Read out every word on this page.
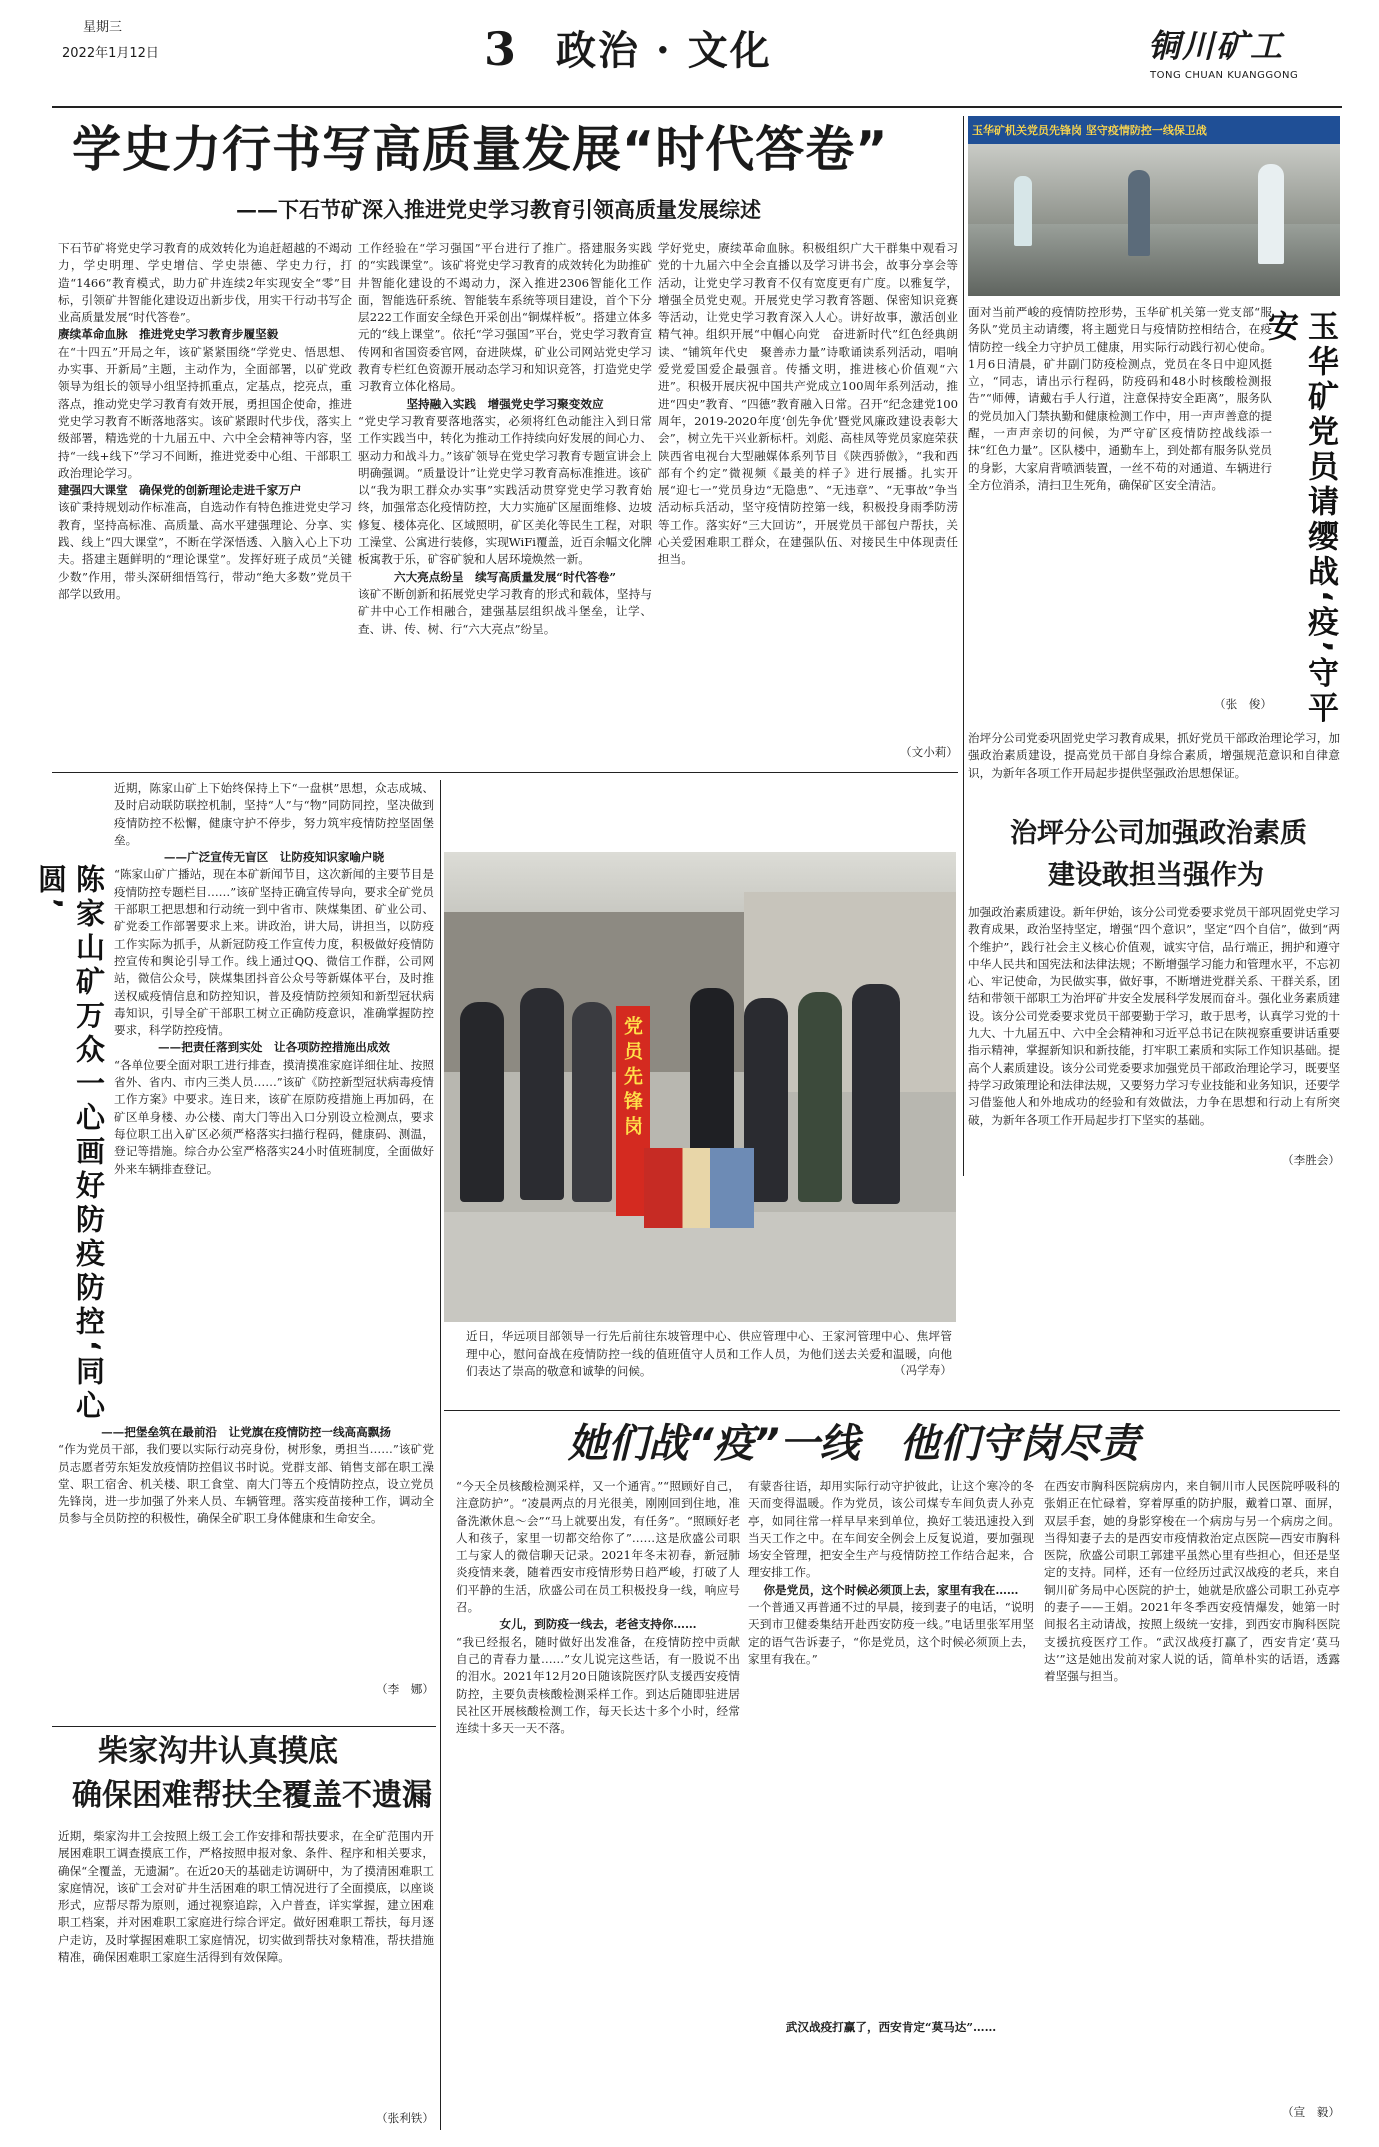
星期三
2022年1月12日	3 政治 · 文化	铜川矿工
TONG CHUAN KUANGGONG
学史力行书写高质量发展“时代答卷”
——下石节矿深入推进党史学习教育引领高质量发展综述
下石节矿将党史学习教育的成效转化为追赶超越的不竭动力，学史明理、学史增信、学史崇德、学史力行，打造“1466”教育模式，助力矿井连续2年实现安全“零”目标，引领矿井智能化建设迈出新步伐，用实干行动书写企业高质量发展“时代答卷”。
赓续革命血脉　推进党史学习教育步履坚毅
在“十四五”开局之年，该矿紧紧围绕“学党史、悟思想、办实事、开新局”主题，主动作为，全面部署，以矿党政领导为组长的领导小组坚持抓重点，定基点，挖亮点，重落点，推动党史学习教育有效开展，勇担国企使命，推进党史学习教育不断落地落实。该矿紧跟时代步伐，落实上级部署，精选党的十九届五中、六中全会精神等内容，坚持“一线+线下”学习不间断，推进党委中心组、干部职工政治理论学习。
建强四大课堂　确保党的创新理论走进千家万户
该矿秉持规划动作标准高，自选动作有特色推进党史学习教育，坚持高标准、高质量、高水平建强理论、分享、实践、线上“四大课堂”，不断在学深悟透、入脑入心上下功夫。搭建主题鲜明的“理论课堂”。发挥好班子成员“关键少数”作用，带头深研细悟笃行，带动“绝大多数”党员干部学以致用。
工作经验在“学习强国”平台进行了推广。搭建服务实践的“实践课堂”。该矿将党史学习教育的成效转化为助推矿井智能化建设的不竭动力，深入推进2306智能化工作面，智能选矸系统、智能装车系统等项目建设，首个下分层222工作面安全绿色开采创出“铜煤样板”。搭建立体多元的“线上课堂”。依托“学习强国”平台，党史学习教育宣传网和省国资委官网，奋进陕煤，矿业公司网站党史学习教育专栏红色资源开展动态学习和知识竞答，打造党史学习教育立体化格局。
坚持融入实践　增强党史学习聚变效应
“党史学习教育要落地落实，必须将红色动能注入到日常工作实践当中，转化为推动工作持续向好发展的间心力、驱动力和战斗力。”该矿领导在党史学习教育专题宣讲会上明确强调。“质量设计”让党史学习教育高标准推进。该矿以“我为职工群众办实事”实践活动贯穿党史学习教育始终，加强常态化疫情防控，大力实施矿区屋面维修、边坡修复、楼体亮化、区域照明，矿区美化等民生工程，对职工澡堂、公寓进行装修，实现WiFi覆盖，近百余幅文化牌板寓教于乐，矿容矿貌和人居环境焕然一新。
六大亮点纷呈　续写高质量发展“时代答卷”
该矿不断创新和拓展党史学习教育的形式和载体，坚持与矿井中心工作相融合，建强基层组织战斗堡垒，让学、查、讲、传、树、行“六大亮点”纷呈。
学好党史，赓续革命血脉。积极组织广大干群集中观看习党的十九届六中全会直播以及学习讲书会，故事分享会等活动，让党史学习教育不仅有宽度更有广度。以雅复学，增强全员党史观。开展党史学习教育答题、保密知识竞赛等活动，让党史学习教育深入人心。讲好故事，激活创业精气神。组织开展“中帼心向党　奋进新时代”红色经典朗读、“铺筑年代史　聚善赤力量”诗歌诵读系列活动，唱响爱党爱国爱企最强音。传播文明，推进核心价值观“六进”。积极开展庆祝中国共产党成立100周年系列活动，推进“四史”教育、“四德”教育融入日常。召开“纪念建党100周年，2019-2020年度‘创先争优’暨党风廉政建设表彰大会”，树立先干兴业新标杆。刘彪、高桂凤等党员家庭荣获陕西省电视台大型融媒体系列节目《陕西骄傲》，“我和西部有个约定”微视频《最美的样子》进行展播。扎实开展“迎七一”党员身边“无隐患”、“无违章”、“无事故”争当活动标兵活动，坚守疫情防控第一线，积极投身雨季防涝等工作。落实好“三大回访”，开展党员干部包户帮扶，关心关爱困难职工群众，在建强队伍、对接民生中体现责任担当。
（文小莉）
玉华矿机关党员先锋岗 坚守疫情防控一线保卫战
面对当前严峻的疫情防控形势，玉华矿机关第一党支部“服务队”党员主动请缨，将主题党日与疫情防控相结合，在疫情防控一线全力守护员工健康，用实际行动践行初心使命。1月6日清晨，矿井副门防疫检测点，党员在冬日中迎风挺立，“同志，请出示行程码，防疫码和48小时核酸检测报告”“师傅，请戴右手人行道，注意保持安全距离”，服务队的党员加入门禁执勤和健康检测工作中，用一声声善意的提醒，一声声亲切的问候，为严守矿区疫情防控战线添一抹“红色力量”。区队楼中，通勤车上，到处都有服务队党员的身影，大家肩背喷洒装置，一丝不苟的对通道、车辆进行全方位消杀，清扫卫生死角，确保矿区安全清洁。
（张　俊） 玉华矿党员请缨战‘疫’守平安
治坪分公司党委巩固党史学习教育成果，抓好党员干部政治理论学习，加强政治素质建设，提高党员干部自身综合素质，增强规范意识和自律意识，为新年各项工作开局起步提供坚强政治思想保证。
治坪分公司加强政治素质
建设敢担当强作为
加强政治素质建设。新年伊始，该分公司党委要求党员干部巩固党史学习教育成果，政治坚持坚定，增强“四个意识”，坚定“四个自信”，做到“两个维护”，践行社会主义核心价值观，诚实守信，品行端正，拥护和遵守中华人民共和国宪法和法律法规；不断增强学习能力和管理水平，不忘初心、牢记使命，为民做实事，做好事，不断增进党群关系、干群关系，团结和带领干部职工为治坪矿井安全发展科学发展而奋斗。强化业务素质建设。该分公司党委要求党员干部要勤于学习，敢于思考，认真学习党的十九大、十九届五中、六中全会精神和习近平总书记在陕视察重要讲话重要指示精神，掌握新知识和新技能，打牢职工素质和实际工作知识基础。提高个人素质建设。该分公司党委要求加强党员干部政治理论学习，既要坚持学习政策理论和法律法规，又要努力学习专业技能和业务知识，还要学习借鉴他人和外地成功的经验和有效做法，力争在思想和行动上有所突破，为新年各项工作开局起步打下坚实的基础。
（李胜会）
陈家山矿万众一心画好防疫防控‘同心圆’
近期，陈家山矿上下始终保持上下“一盘棋”思想，众志成城、及时启动联防联控机制，坚持“人”与“物”同防同控，坚决做到疫情防控不松懈，健康守护不停步，努力筑牢疫情防控坚固堡垒。
——广泛宣传无盲区　让防疫知识家喻户晓
“陈家山矿广播站，现在本矿新闻节目，这次新闻的主要节目是疫情防控专题栏目……”该矿坚持正确宣传导向，要求全矿党员干部职工把思想和行动统一到中省市、陕煤集团、矿业公司、矿党委工作部署要求上来。讲政治，讲大局，讲担当，以防疫工作实际为抓手，从新冠防疫工作宣传力度，积极做好疫情防控宣传和舆论引导工作。线上通过QQ、微信工作群，公司网站，微信公众号，陕煤集团抖音公众号等新媒体平台，及时推送权威疫情信息和防控知识，普及疫情防控须知和新型冠状病毒知识，引导全矿干部职工树立正确防疫意识，准确掌握防控要求，科学防控疫情。
——把责任落到实处　让各项防控措施出成效
“各单位要全面对职工进行排查，摸清摸准家庭详细住址、按照省外、省内、市内三类人员……”该矿《防控新型冠状病毒疫情工作方案》中要求。连日来，该矿在原防疫措施上再加码，在矿区单身楼、办公楼、南大门等出入口分别设立检测点，要求每位职工出入矿区必须严格落实扫描行程码，健康码、测温，登记等措施。综合办公室严格落实24小时值班制度，全面做好外来车辆排查登记。
——把堡垒筑在最前沿　让党旗在疫情防控一线高高飘扬
“作为党员干部，我们要以实际行动亮身份，树形象，勇担当……”该矿党员志愿者劳东矩发放疫情防控倡议书时说。党群支部、销售支部在职工澡堂、职工宿舍、机关楼、职工食堂、南大门等五个疫情防控点，设立党员先锋岗，进一步加强了外来人员、车辆管理。落实疫苗接种工作，调动全员参与全员防控的积极性，确保全矿职工身体健康和生命安全。
（李　娜）
党员先锋岗
近日，华远项目部领导一行先后前往东坡管理中心、供应管理中心、王家河管理中心、焦坪管理中心，慰问奋战在疫情防控一线的值班值守人员和工作人员，为他们送去关爱和温暖，向他们表达了崇高的敬意和诚挚的问候。	（冯学寿）
她们战“疫”一线　他们守岗尽责
柴家沟井认真摸底
确保困难帮扶全覆盖不遗漏
近期，柴家沟井工会按照上级工会工作安排和帮扶要求，在全矿范围内开展困难职工调查摸底工作，严格按照申报对象、条件、程序和相关要求，确保“全覆盖，无遗漏”。在近20天的基础走访调研中，为了摸清困难职工家庭情况，该矿工会对矿井生活困难的职工情况进行了全面摸底，以座谈形式，应帮尽帮为原则，通过视察追踪，入户普查，详实掌握，建立困难职工档案，并对困难职工家庭进行综合评定。做好困难职工帮扶，每月逐户走访，及时掌握困难职工家庭情况，切实做到帮扶对象精准，帮扶措施精准，确保困难职工家庭生活得到有效保障。
（张利铁）
“今天全员核酸检测采样，又一个通宵。”“照顾好自己，注意防护”。“凌晨两点的月光很美，刚刚回到住地，准备洗漱休息～会”“马上就要出发，有任务”。“照顾好老人和孩子，家里一切都交给你了”……这是欣盛公司职工与家人的微信聊天记录。2021年冬末初春，新冠肺炎疫情来袭，随着西安市疫情形势日趋严峻，打破了人们平静的生活，欣盛公司在员工积极投身一线，响应号召。
女儿，到防疫一线去，老爸支持你……
“我已经报名，随时做好出发准备，在疫情防控中贡献自己的青春力量……”女儿说完这些话，有一股说不出的泪水。2021年12月20日随该院医疗队支援西安疫情防控，主要负责核酸检测采样工作。到达后随即驻进居民社区开展核酸检测工作，每天长达十多个小时，经常连续十多天一天不落。
有蒙沓往语，却用实际行动守护彼此，让这个寒冷的冬天而变得温暖。作为党员，该公司煤专车间负责人孙克亭，如同往常一样早早来到单位，换好工装迅速投入到当天工作之中。在车间安全例会上反复说道，要加强现场安全管理，把安全生产与疫情防控工作结合起来，合理安排工作。
你是党员，这个时候必须顶上去，家里有我在……
一个普通又再普通不过的早晨，接到妻子的电话，“说明天到市卫健委集结开赴西安防疫一线。”电话里张军用坚定的语气告诉妻子，“你是党员，这个时候必须顶上去，家里有我在。”
武汉战疫打赢了，西安肯定“莫马达”……
在西安市胸科医院病房内，来自铜川市人民医院呼吸科的张娟正在忙碌着，穿着厚重的防护服，戴着口罩、面屏，双层手套，她的身影穿梭在一个病房与另一个病房之间。当得知妻子去的是西安市疫情救治定点医院—西安市胸科医院，欣盛公司职工郭建平虽然心里有些担心，但还是坚定的支持。同样，还有一位经历过武汉战疫的老兵，来自铜川矿务局中心医院的护士，她就是欣盛公司职工孙克亭的妻子——王娟。2021年冬季西安疫情爆发，她第一时间报名主动请战，按照上级统一安排，到西安市胸科医院支援抗疫医疗工作。“武汉战疫打赢了，西安肯定‘莫马达’”这是她出发前对家人说的话，简单朴实的话语，透露着坚强与担当。
（宣　毅）
